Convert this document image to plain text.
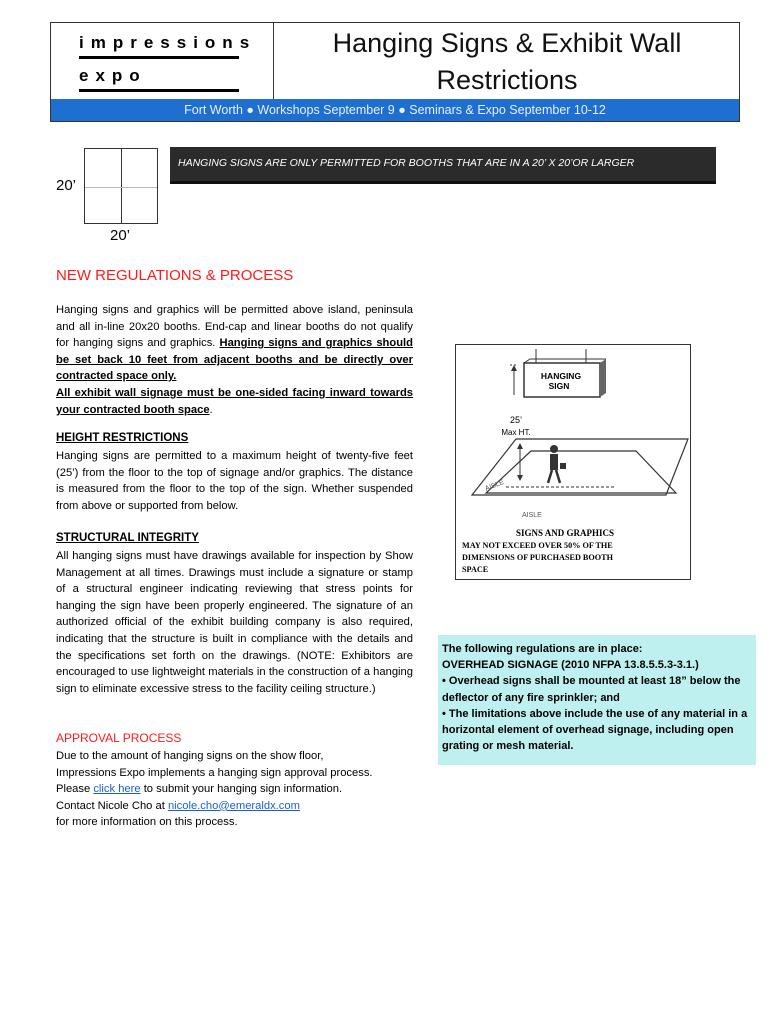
impressions
expo
Hanging Signs & Exhibit Wall
Restrictions
Fort Worth ● Workshops September 9 ● Seminars & Expo September 10-12
20’
20’
HANGING SIGNS ARE ONLY PERMITTED FOR BOOTHS THAT ARE IN A 20’ X 20’OR LARGER CONFIGURATION
NEW REGULATIONS & PROCESS
Hanging signs and graphics will be permitted above island, peninsula and all in-line 20x20 booths. End-cap and linear booths do not qualify for hanging signs and graphics. Hanging signs and graphics should be set back 10 feet from adjacent booths and be directly over contracted space only.
All exhibit wall signage must be one-sided facing inward towards your contracted booth space.
HEIGHT RESTRICTIONS
Hanging signs are permitted to a maximum height of twenty-five feet (25’) from the floor to the top of signage and/or graphics. The distance is measured from the floor to the top of the sign. Whether suspended from above or supported from below.
STRUCTURAL INTEGRITY
All hanging signs must have drawings available for inspection by Show Management at all times. Drawings must include a signature or stamp of a structural engineer indicating reviewing that stress points for hanging the sign have been properly engineered. The signature of an authorized official of the exhibit building company is also required, indicating that the structure is built in compliance with the details and the specifications set forth on the drawings. (NOTE: Exhibitors are encouraged to use lightweight materials in the construction of a hanging sign to eliminate excessive stress to the facility ceiling structure.)
APPROVAL PROCESS
Due to the amount of hanging signs on the show floor,
Impressions Expo implements a hanging sign approval process.
Please click here to submit your hanging sign information.
Contact Nicole Cho at nicole.cho@emeraldx.com
for more information on this process.
HANGING
SIGN
25’
Max HT.
AISLE
AISLE
SIGNS AND GRAPHICS
MAY NOT EXCEED OVER 50% OF THE
DIMENSIONS OF PURCHASED BOOTH
SPACE
The following regulations are in place:
OVERHEAD SIGNAGE (2010 NFPA 13.8.5.5.3-3.1.)
• Overhead signs shall be mounted at least 18” below the deflector of any fire sprinkler; and
• The limitations above include the use of any material in a horizontal element of overhead signage, including open grating or mesh material.
